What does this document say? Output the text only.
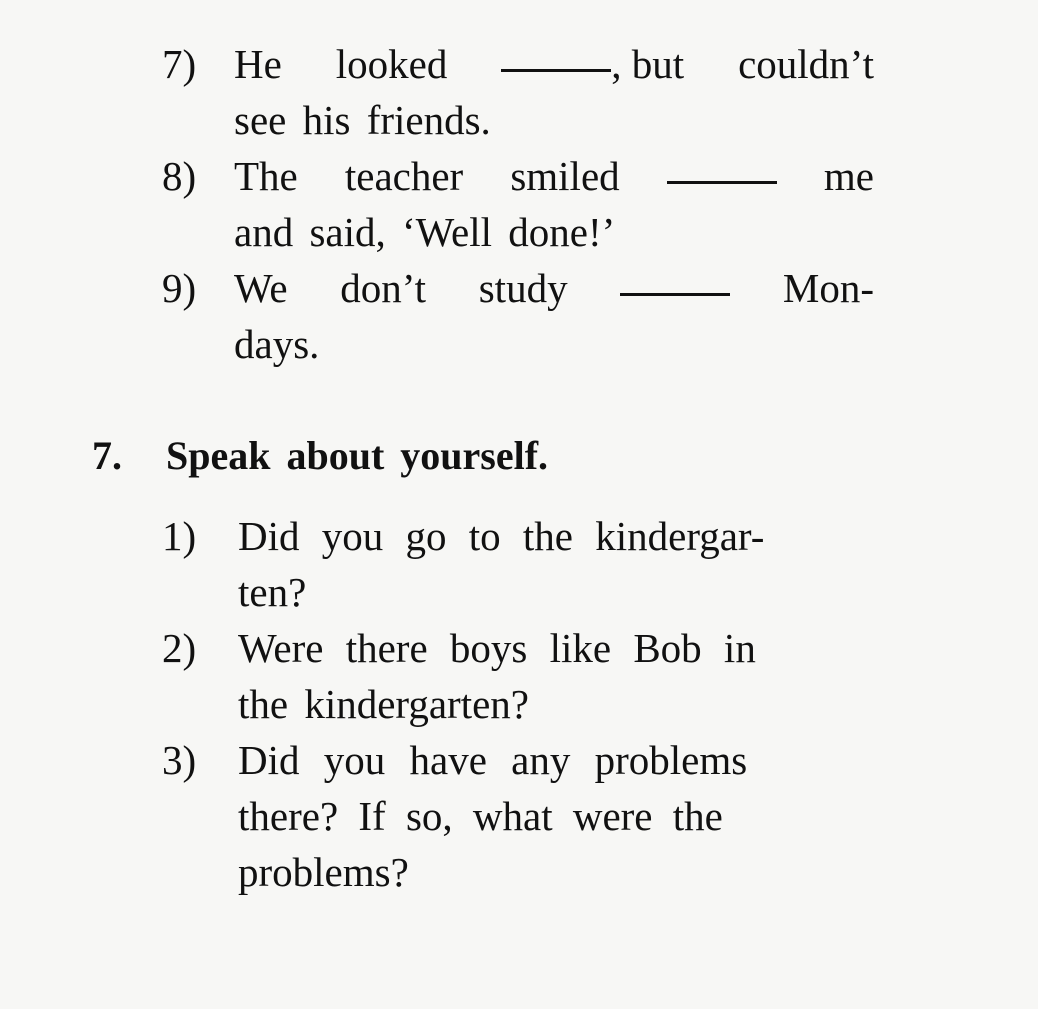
7) He looked	, but couldn’t
see his friends.
8) The teacher smiled	me
and said, ‘Well done!’
9) We don’t study	Mon-
days.
7. Speak about yourself.
1) Did you go to the kindergar-
ten?
2) Were there boys like Bob in
the kindergarten?
3) Did you have any problems
there? If so, what were the
problems?
